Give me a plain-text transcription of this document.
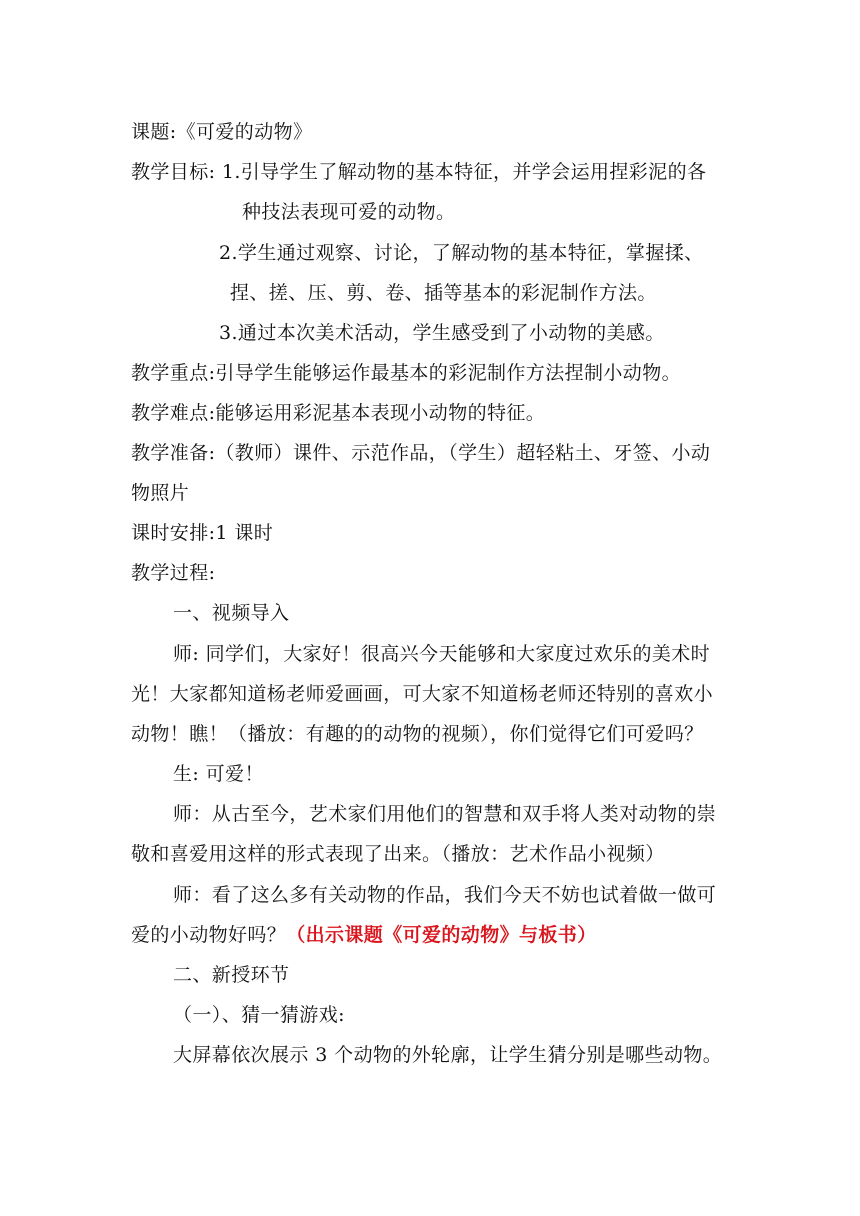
课题:《可爱的动物》
教学目标: 1.引导学生了解动物的基本特征，并学会运用捏彩泥的各
种技法表现可爱的动物。
2.学生通过观察、讨论，了解动物的基本特征，掌握揉、
捏、搓、压、剪、卷、插等基本的彩泥制作方法。
3.通过本次美术活动，学生感受到了小动物的美感。
教学重点:引导学生能够运作最基本的彩泥制作方法捏制小动物。
教学难点:能够运用彩泥基本表现小动物的特征。
教学准备:（教师）课件、示范作品，（学生）超轻粘土、牙签、小动
物照片
课时安排:1 课时
教学过程:
一、视频导入
师: 同学们，大家好！很高兴今天能够和大家度过欢乐的美术时
光！大家都知道杨老师爱画画，可大家不知道杨老师还特别的喜欢小
动物！瞧！（播放：有趣的的动物的视频），你们觉得它们可爱吗？
生: 可爱！
师：从古至今，艺术家们用他们的智慧和双手将人类对动物的崇
敬和喜爱用这样的形式表现了出来。（播放：艺术作品小视频）
师：看了这么多有关动物的作品，我们今天不妨也试着做一做可
爱的小动物好吗？（出示课题《可爱的动物》与板书）
二、新授环节
（一）、猜一猜游戏:
大屏幕依次展示 3 个动物的外轮廓，让学生猜分别是哪些动物。
